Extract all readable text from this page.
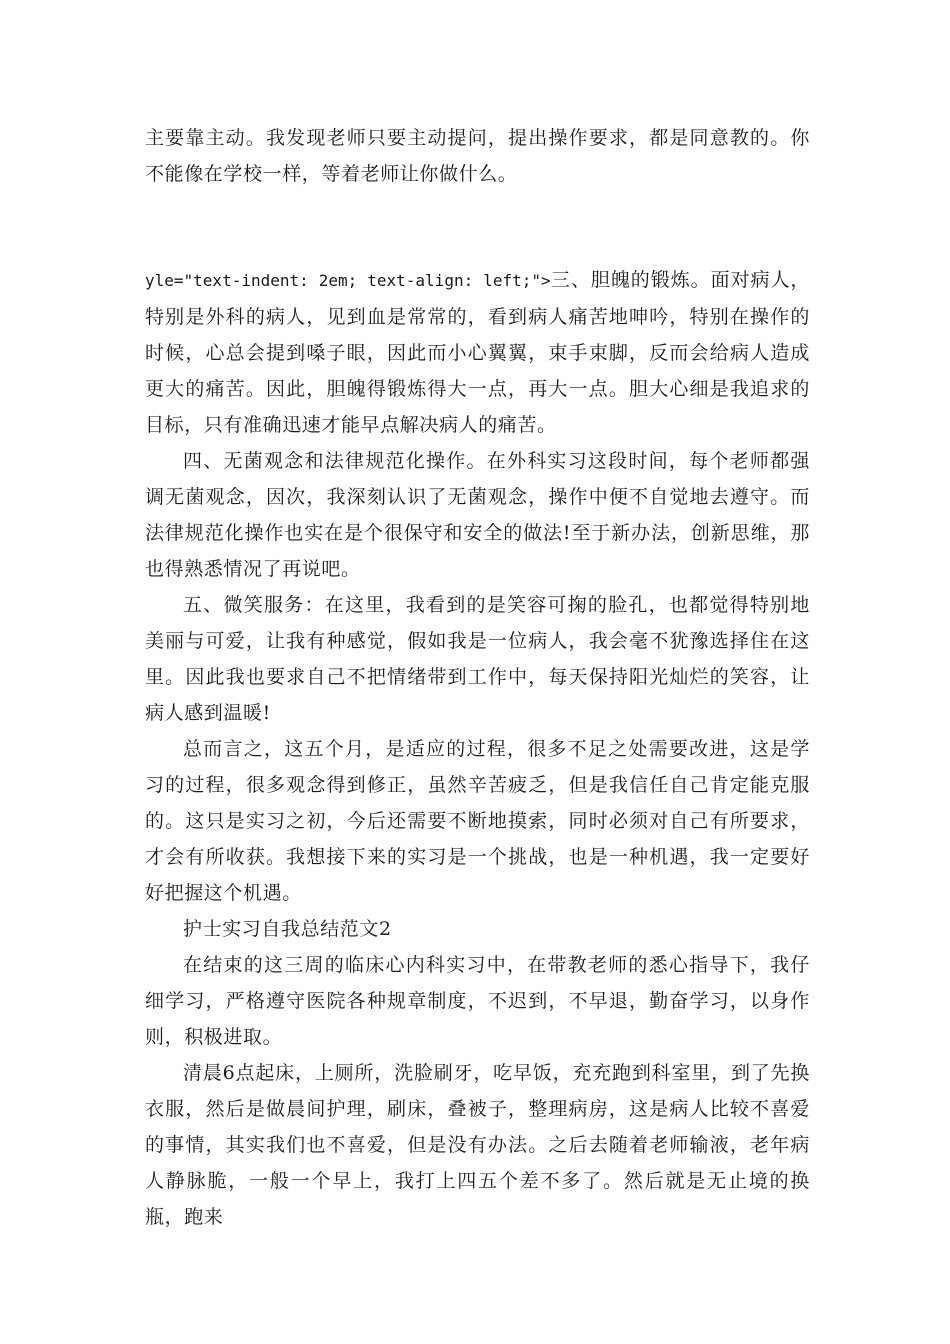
主要靠主动。我发现老师只要主动提问，提出操作要求，都是同意教的。你不能像在学校一样，等着老师让你做什么。

yle="text-indent: 2em; text-align: left;">三、胆魄的锻炼。面对病人，特别是外科的病人，见到血是常常的，看到病人痛苦地呻吟，特别在操作的时候，心总会提到嗓子眼，因此而小心翼翼，束手束脚，反而会给病人造成更大的痛苦。因此，胆魄得锻炼得大一点，再大一点。胆大心细是我追求的目标，只有准确迅速才能早点解决病人的痛苦。

四、无菌观念和法律规范化操作。在外科实习这段时间，每个老师都强调无菌观念，因次，我深刻认识了无菌观念，操作中便不自觉地去遵守。而法律规范化操作也实在是个很保守和安全的做法!至于新办法，创新思维，那也得熟悉情况了再说吧。

五、微笑服务：在这里，我看到的是笑容可掬的脸孔，也都觉得特别地美丽与可爱，让我有种感觉，假如我是一位病人，我会毫不犹豫选择住在这里。因此我也要求自己不把情绪带到工作中，每天保持阳光灿烂的笑容，让病人感到温暖!

总而言之，这五个月，是适应的过程，很多不足之处需要改进，这是学习的过程，很多观念得到修正，虽然辛苦疲乏，但是我信任自己肯定能克服的。这只是实习之初，今后还需要不断地摸索，同时必须对自己有所要求，才会有所收获。我想接下来的实习是一个挑战，也是一种机遇，我一定要好好把握这个机遇。

护士实习自我总结范文2

在结束的这三周的临床心内科实习中，在带教老师的悉心指导下，我仔细学习，严格遵守医院各种规章制度，不迟到，不早退，勤奋学习，以身作则，积极进取。

清晨6点起床，上厕所，洗脸刷牙，吃早饭，充充跑到科室里，到了先换衣服，然后是做晨间护理，刷床，叠被子，整理病房，这是病人比较不喜爱的事情，其实我们也不喜爱，但是没有办法。之后去随着老师输液，老年病人静脉脆，一般一个早上，我打上四五个差不多了。然后就是无止境的换瓶，跑来
